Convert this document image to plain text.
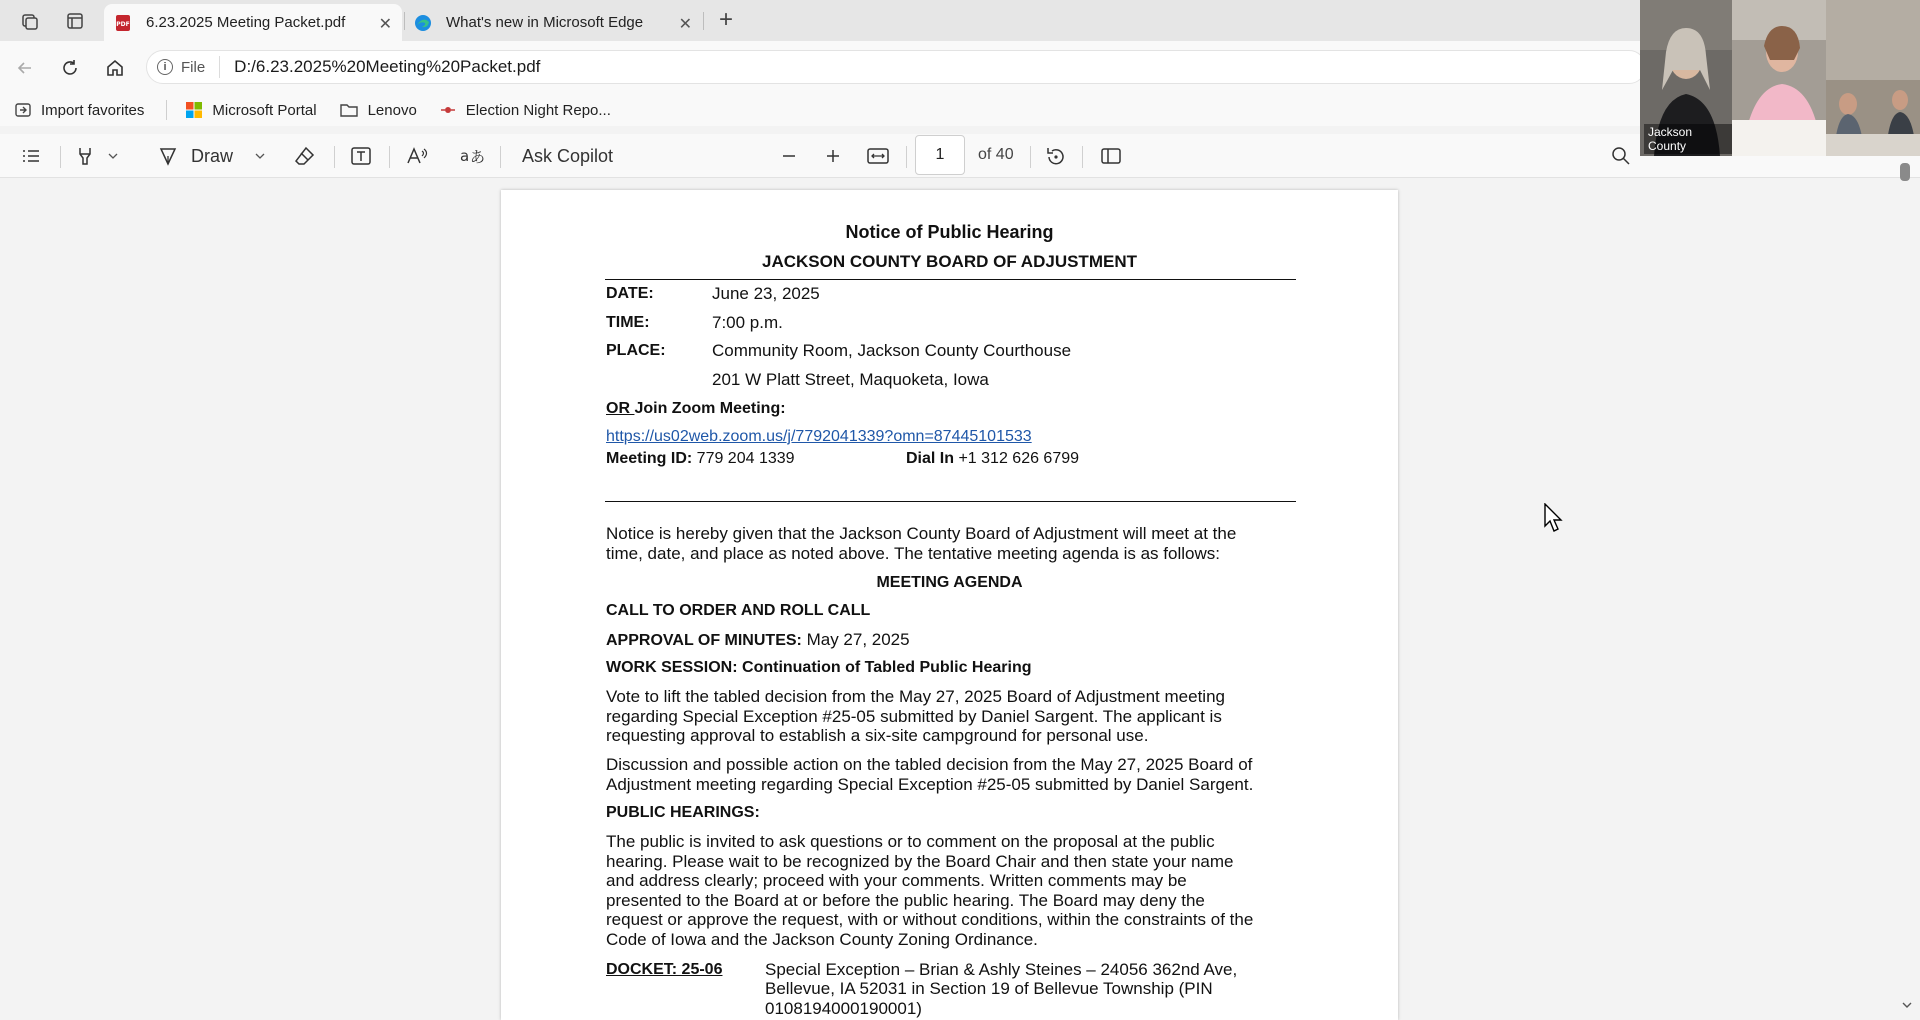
PDF 6.23.2025 Meeting Packet.pdf ✕	What's new in Microsoft Edge ✕ +
i File D:/6.23.2025%20Meeting%20Packet.pdf
Import favorites	Microsoft Portal	Lenovo	Election Night Repo...
Draw	a あ Ask Copilot	1 of 40
Notice of Public Hearing
JACKSON COUNTY BOARD OF ADJUSTMENT
DATE:	June 23, 2025
TIME:	7:00 p.m.
PLACE:	Community Room, Jackson County Courthouse
201 W Platt Street, Maquoketa, Iowa
OR Join Zoom Meeting:
https://us02web.zoom.us/j/7792041339?omn=87445101533
Meeting ID: 779 204 1339	Dial In +1 312 626 6799
Notice is hereby given that the Jackson County Board of Adjustment will meet at the
time, date, and place as noted above. The tentative meeting agenda is as follows:
MEETING AGENDA
CALL TO ORDER AND ROLL CALL
APPROVAL OF MINUTES: May 27, 2025
WORK SESSION: Continuation of Tabled Public Hearing
Vote to lift the tabled decision from the May 27, 2025 Board of Adjustment meeting
regarding Special Exception #25-05 submitted by Daniel Sargent. The applicant is
requesting approval to establish a six-site campground for personal use.
Discussion and possible action on the tabled decision from the May 27, 2025 Board of
Adjustment meeting regarding Special Exception #25-05 submitted by Daniel Sargent.
PUBLIC HEARINGS:
The public is invited to ask questions or to comment on the proposal at the public
hearing. Please wait to be recognized by the Board Chair and then state your name
and address clearly; proceed with your comments. Written comments may be
presented to the Board at or before the public hearing. The Board may deny the
request or approve the request, with or without conditions, within the constraints of the
Code of Iowa and the Jackson County Zoning Ordinance.
DOCKET: 25-06	Special Exception – Brian & Ashly Steines – 24056 362nd Ave,
Bellevue, IA 52031 in Section 19 of Bellevue Township (PIN
0108194000190001)
Jackson County
